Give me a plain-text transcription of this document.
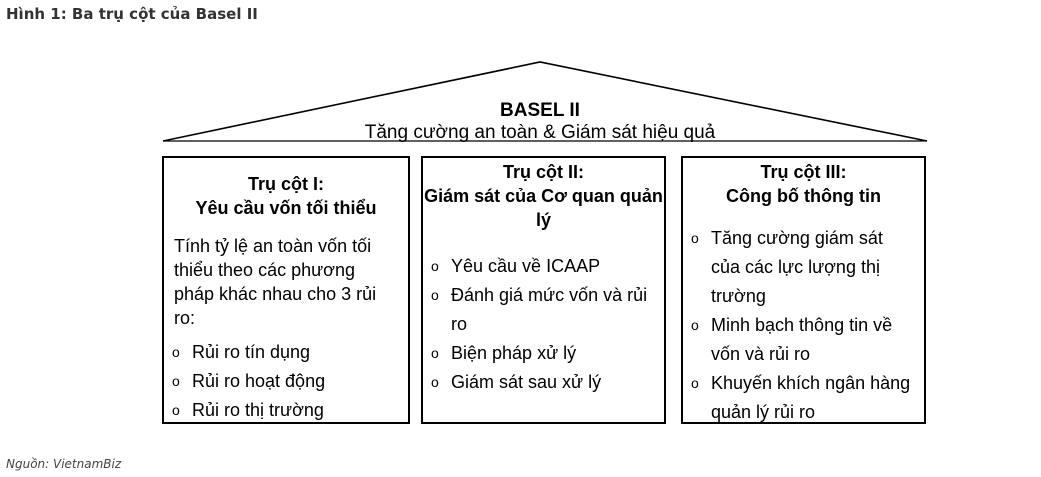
Hình 1: Ba trụ cột của Basel II
BASEL II
Tăng cường an toàn & Giám sát hiệu quả
Trụ cột I:
Yêu cầu vốn tối thiểu
Tính tỷ lệ an toàn vốn tối thiểu theo các phương pháp khác nhau cho 3 rủi ro:
o Rủi ro tín dụng
o Rủi ro hoạt động
o Rủi ro thị trường
Trụ cột II:
Giám sát của Cơ quan quản lý
o Yêu cầu về ICAAP
o Đánh giá mức vốn và rủi ro
o Biện pháp xử lý
o Giám sát sau xử lý
Trụ cột III:
Công bố thông tin
o Tăng cường giám sát của các lực lượng thị trường
o Minh bạch thông tin về vốn và rủi ro
o Khuyến khích ngân hàng quản lý rủi ro
Nguồn: VietnamBiz
